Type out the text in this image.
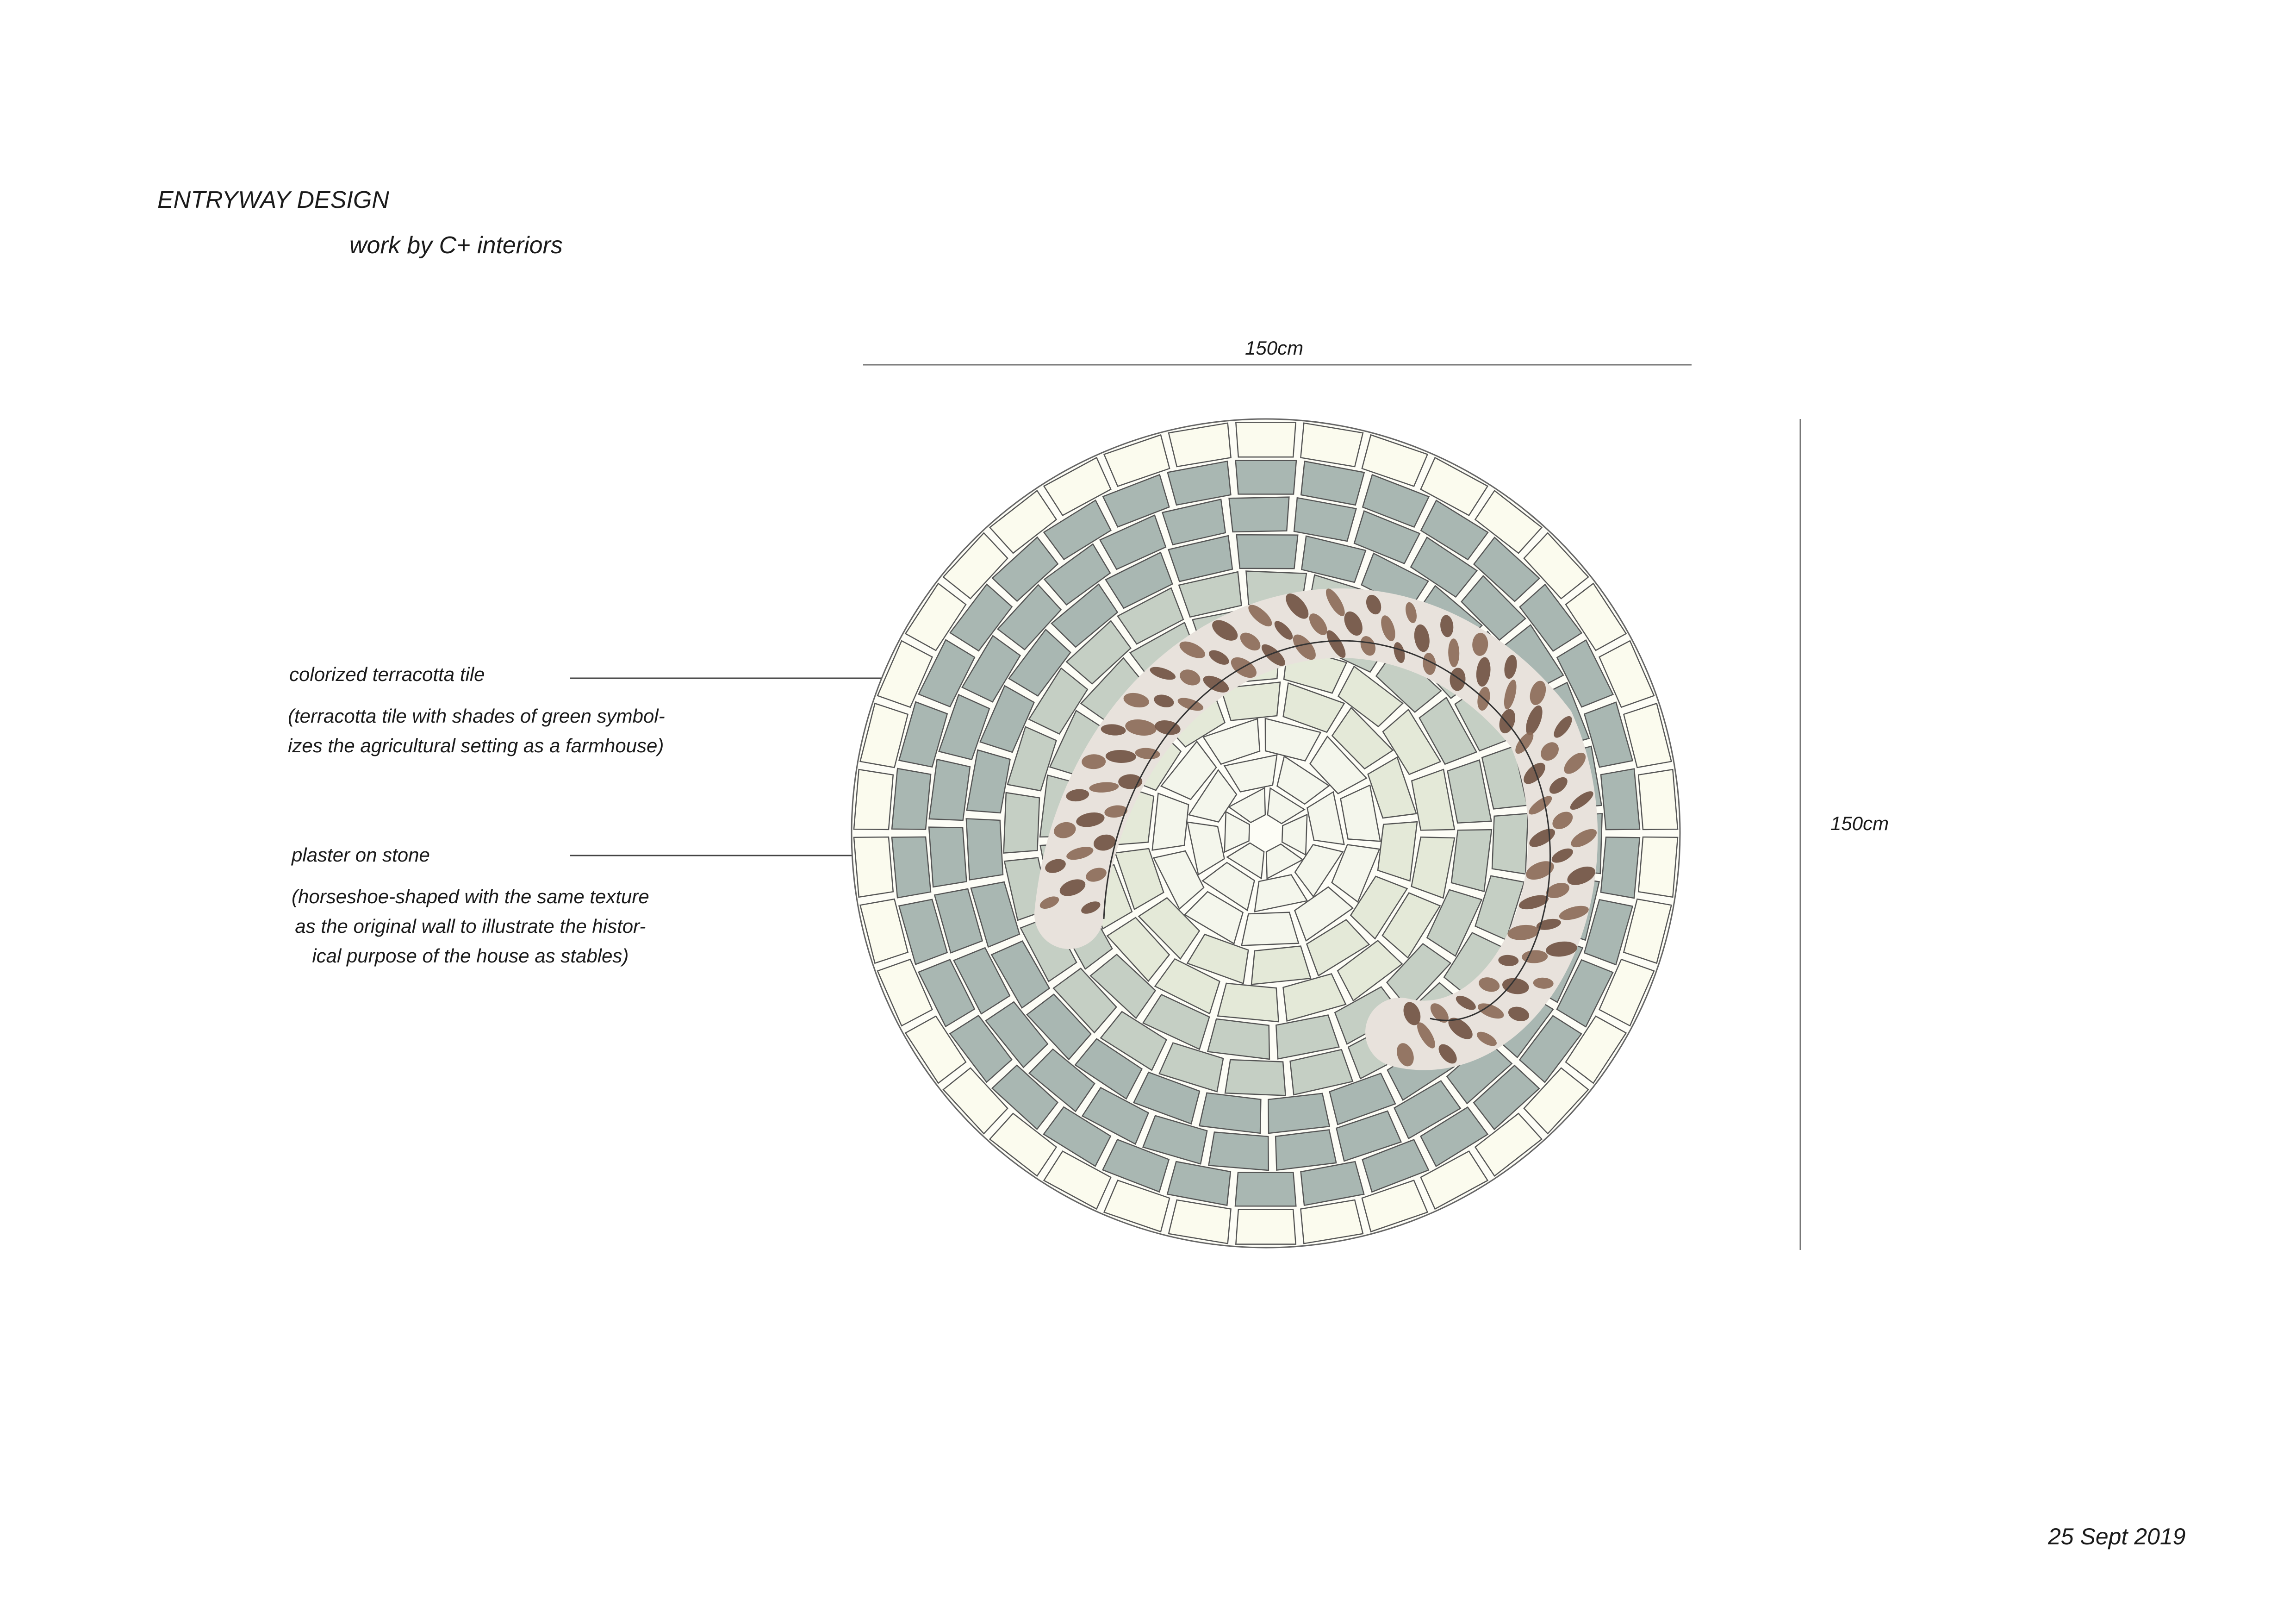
ENTRYWAY DESIGN
work by C+ interiors
150cm
150cm
colorized terracotta tile
(terracotta tile with shades of green symbol-
izes the agricultural setting as a farmhouse)
plaster on stone
(horseshoe-shaped with the same texture
as the original wall to illustrate the histor-
ical purpose of the house as stables)
25 Sept 2019
